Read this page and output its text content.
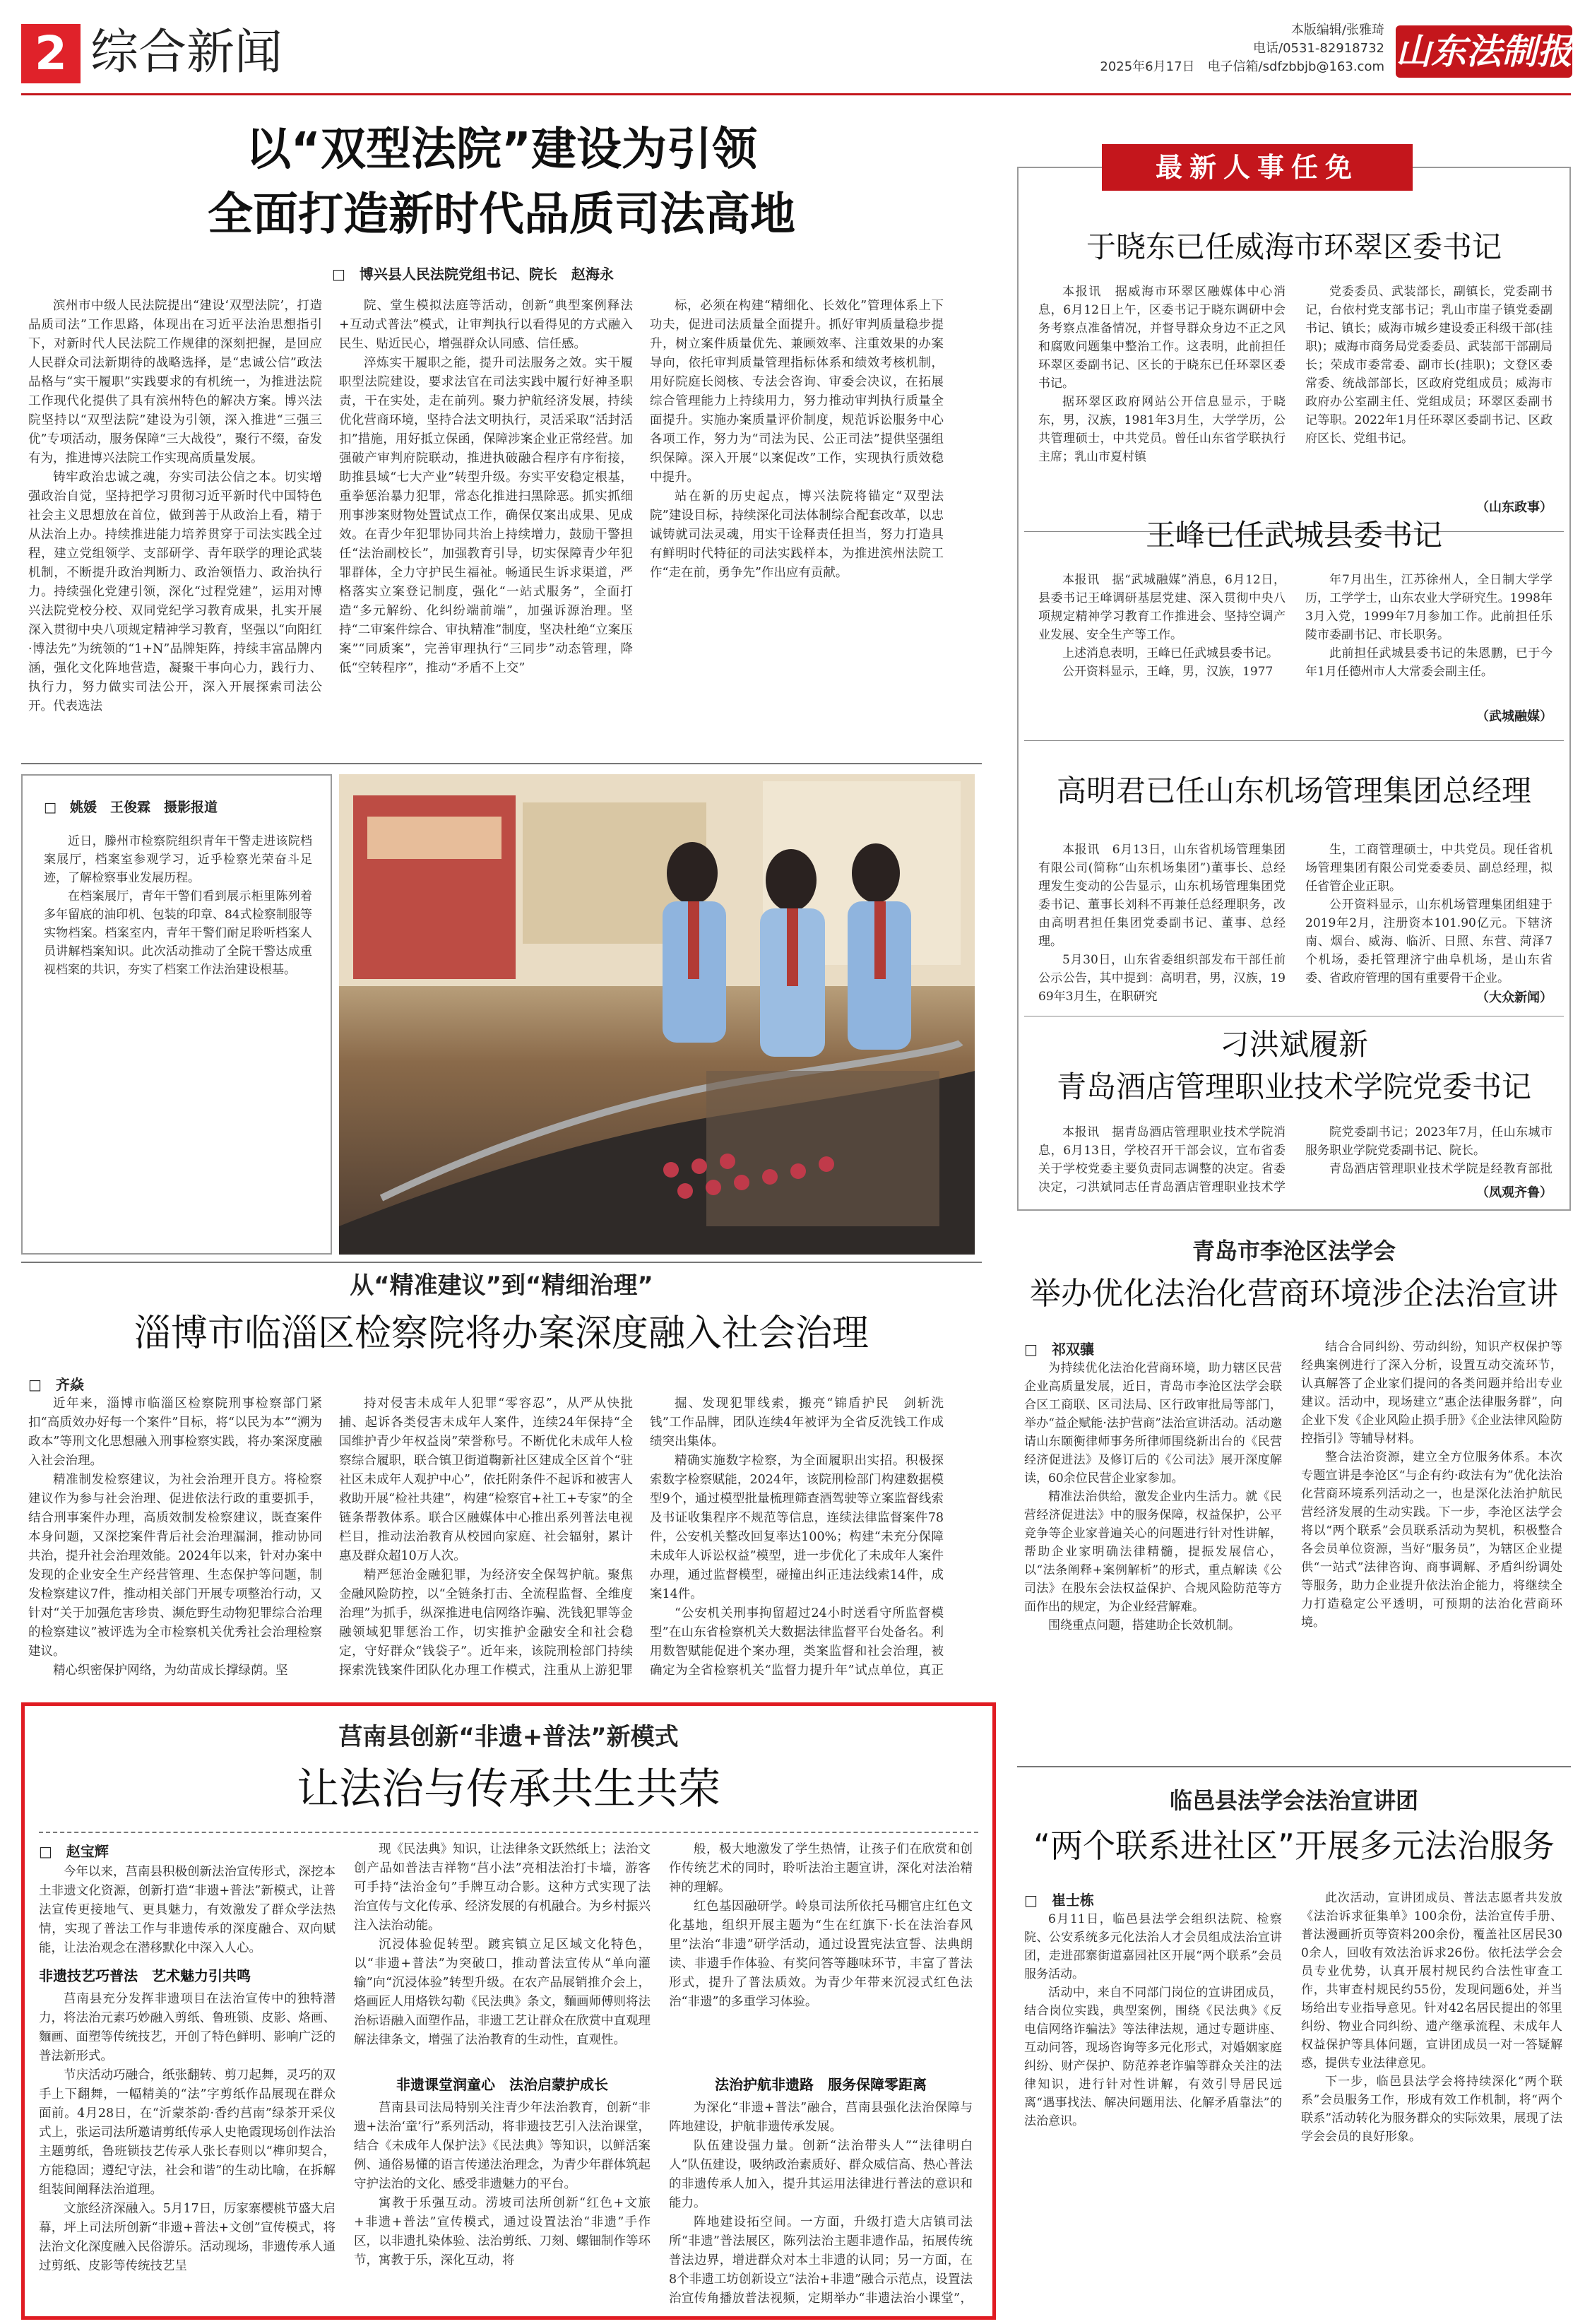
2 综合新闻	本版编辑/张雅琦
电话/0531-82918732
2025年6月17日　电子信箱/sdfzbbjb@163.com 山东法制报
以“双型法院”建设为引领
全面打造新时代品质司法高地
□　博兴县人民法院党组书记、院长　赵海永

滨州市中级人民法院提出“建设‘双型法院’，打造品质司法”工作思路，体现出在习近平法治思想指引下，对新时代人民法院工作规律的深刻把握，是回应人民群众司法新期待的战略选择，是“忠诚公信”政法品格与“实干履职”实践要求的有机统一，为推进法院工作现代化提供了具有滨州特色的解决方案。博兴法院坚持以“双型法院”建设为引领，深入推进“三强三优”专项活动，服务保障“三大战役”，聚行不缀，奋发有为，推进博兴法院工作实现高质量发展。

铸牢政治忠诚之魂，夯实司法公信之本。切实增强政治自觉，坚持把学习贯彻习近平新时代中国特色社会主义思想放在首位，做到善于从政治上看，精于从法治上办。持续推进能力培养贯穿于司法实践全过程，建立党组领学、支部研学、青年联学的理论武装机制，不断提升政治判断力、政治领悟力、政治执行力。持续强化党建引领，深化“过程党建”，运用对博兴法院党校分校、双同党纪学习教育成果，扎实开展深入贯彻中央八项规定精神学习教育，坚强以“向阳红·博法先”为统领的“1+N”品牌矩阵，持续丰富品牌内涵，强化文化阵地营造，凝聚干事向心力，践行力、执行力，努力做实司法公开，深入开展探索司法公开。代表选法

院、堂生模拟法庭等活动，创新“典型案例释法+互动式普法”模式，让审判执行以看得见的方式融入民生、贴近民心，增强群众认同感、信任感。

淬炼实干履职之能，提升司法服务之效。实干履职型法院建设，要求法官在司法实践中履行好神圣职责，干在实处，走在前列。聚力护航经济发展，持续优化营商环境，坚持合法文明执行，灵活采取“活封活扣”措施，用好抵立保函，保障涉案企业正常经营。加强破产审判府院联动，推进执破融合程序有序衔接，助推县域“七大产业”转型升级。夯实平安稳定根基，重拳惩治暴力犯罪，常态化推进扫黑除恶。抓实抓细刑事涉案财物处置试点工作，确保仅案出成果、见成效。在青少年犯罪协同共治上持续增力，鼓励干警担任“法治副校长”，加强教育引导，切实保障青少年犯罪群体，全力守护民生福祉。畅通民生诉求渠道，严格落实立案登记制度，强化“一站式服务”，全面打造“多元解纷、化纠纷端前端”，加强诉源治理。坚持“二审案件综合、审执精准”制度，坚决杜绝“立案压案”“同质案”，完善审理执行“三同步”动态管理，降低“空转程序”，推动“矛盾不上交”

标，必须在构建“精细化、长效化”管理体系上下功夫，促进司法质量全面提升。抓好审判质量稳步提升，树立案件质量优先、兼顾效率、注重效果的办案导向，依托审判质量管理指标体系和绩效考核机制，用好院庭长阅核、专法会咨询、审委会决议，在拓展综合管理能力上持续用力，努力推动审判执行质量全面提升。实施办案质量评价制度，规范诉讼服务中心各项工作，努力为“司法为民、公正司法”提供坚强组织保障。深入开展“以案促改”工作，实现执行质效稳中提升。

站在新的历史起点，博兴法院将锚定“双型法院”建设目标，持续深化司法体制综合配套改革，以忠诚铸就司法灵魂，用实干诠释责任担当，努力打造具有鲜明时代特征的司法实践样本，为推进滨州法院工作“走在前，勇争先”作出应有贡献。

□　姚媛　王俊霖　摄影报道

近日，滕州市检察院组织青年干警走进该院档案展厅，档案室参观学习，近乎检察光荣奋斗足迹，了解检察事业发展历程。

在档案展厅，青年干警们看到展示柜里陈列着多年留底的油印机、包装的印章、84式检察制服等实物档案。档案室内，青年干警们耐足聆听档案人员讲解档案知识。此次活动推动了全院干警达成重视档案的共识，夯实了档案工作法治建设根基。

从“精准建议”到“精细治理”
淄博市临淄区检察院将办案深度融入社会治理
□　齐焱

近年来，淄博市临淄区检察院刑事检察部门紧扣“高质效办好每一个案件”目标，将“以民为本”“溯为政本”等刑文化思想融入刑事检察实践，将办案深度融入社会治理。

精准制发检察建议，为社会治理开良方。将检察建议作为参与社会治理、促进依法行政的重要抓手，结合刑事案件办理，高质效制发检察建议，既查案件本身问题，又深挖案件背后社会治理漏洞，推动协同共治，提升社会治理效能。2024年以来，针对办案中发现的企业安全生产经营管理、生态保护等问题，制发检察建议7件，推动相关部门开展专项整治行动，又针对“关于加强危害珍贵、濒危野生动物犯罪综合治理的检察建议”被评选为全市检察机关优秀社会治理检察建议。

精心织密保护网络，为幼苗成长撑绿荫。坚

持对侵害未成年人犯罪“零容忍”，从严从快批捕、起诉各类侵害未成年人案件，连续24年保持“全国维护青少年权益岗”荣誉称号。不断优化未成年人检察综合履职，联合镇卫街道鞠新社区建成全区首个“驻社区未成年人观护中心”，依托附条件不起诉和被害人救助开展“检社共建”，构建“检察官+社工+专家”的全链条帮教体系。联合区融媒体中心推出系列普法电视栏目，推动法治教育从校园向家庭、社会辐射，累计惠及群众超10万人次。

精严惩治金融犯罪，为经济安全保驾护航。聚焦金融风险防控，以“全链条打击、全流程监督、全维度治理”为抓手，纵深推进电信网络诈骗、洗钱犯罪等金融领域犯罪惩治工作，切实推护金融安全和社会稳定，守好群众“钱袋子”。近年来，该院刑检部门持续探索洗钱案件团队化办理工作模式，注重从上游犯罪

掘、发现犯罪线索，搬亮“锦盾护民　剑斩洗钱”工作品牌，团队连续4年被评为全省反洗钱工作成绩突出集体。

精确实施数字检察，为全面履职出实招。积极探索数字检察赋能，2024年，该院刑检部门构建数据模型9个，通过模型批量梳理筛查酒驾驶等立案监督线索及书证收集程序不规范等信息，连续法律监督案件78件，公安机关整改回复率达100%；构建“未充分保障未成年人诉讼权益”模型，进一步优化了未成年人案件办理，通过监督模型，碰撞出纠正违法线索14件，成案14件。

“公安机关刑事拘留超过24小时送看守所监督模型”在山东省检察机关大数据法律监督平台处备名。利用数智赋能促进个案办理，类案监督和社会治理，被确定为全省检察机关“监督力提升年”试点单位，真正

莒南县创新“非遗+普法”新模式
让法治与传承共生共荣
□　赵宝辉

今年以来，莒南县积极创新法治宣传形式，深挖本土非遗文化资源，创新打造“非遗+普法”新模式，让普法宣传更接地气、更具魅力，有效激发了群众学法热情，实现了普法工作与非遗传承的深度融合、双向赋能，让法治观念在潜移默化中深入人心。

非遗技艺巧普法　艺术魅力引共鸣

莒南县充分发挥非遗项目在法治宣传中的独特潜力，将法治元素巧妙融入剪纸、鲁班锁、皮影、烙画、麵画、面塑等传统技艺，开创了特色鲜明、影响广泛的普法新形式。

节庆活动巧融合，纸张翻转、剪刀起舞，灵巧的双手上下翻舞，一幅精美的“法”字剪纸作品展现在群众面前。4月28日，在“沂蒙茶韵·香约莒南”绿茶开采仪式上，张运司法所邀请剪纸传承人史艳霞现场创作法治主题剪纸，鲁班锁技艺传承人张长春则以“榫卯契合，方能稳固；遵纪守法，社会和谐”的生动比喻，在拆解组装间阐释法治道理。

文旅经济深融入。5月17日，厉家寨樱桃节盛大启幕，坪上司法所创新“非遗+普法+文创”宣传模式，将法治文化深度融入民俗游乐。活动现场，非遗传承人通过剪纸、皮影等传统技艺呈

现《民法典》知识，让法律条文跃然纸上；法治文创产品如普法吉祥物“莒小法”亮相法治打卡墙，游客可手持“法治金句”手牌互动合影。这种方式实现了法治宣传与文化传承、经济发展的有机融合。为乡村振兴注入法治动能。

沉浸体验促转型。踱宾镇立足区域文化特色，以“非遗+普法”为突破口，推动普法宣传从“单向灌输”向“沉浸体验”转型升级。在农产品展销推介会上，烙画匠人用烙铁勾勒《民法典》条文，麵画师傅则将法治标语融入面塑作品，非遗工艺让群众在欣赏中直观理解法律条文，增强了法治教育的生动性，直观性。

非遗课堂润童心　法治启蒙护成长

莒南县司法局特别关注青少年法治教育，创新“非遗+法治‘童’行”系列活动，将非遗技艺引入法治课堂，结合《未成年人保护法》《民法典》等知识，以鲜活案例、通俗易懂的语言传递法治理念，为青少年群体筑起守护法治的文化、感受非遗魅力的平台。

寓教于乐强互动。涝坡司法所创新“红色+文旅+非遗+普法”宣传模式，通过设置法治“非遗”手作区，以非遗扎染体验、法治剪纸、刀刻、螺钿制作等环节，寓教于乐，深化互动，将

般，极大地激发了学生热情，让孩子们在欣赏和创作传统艺术的同时，聆听法治主题宣讲，深化对法治精神的理解。

红色基因融研学。岭泉司法所依托马棚官庄红色文化基地，组织开展主题为“生在红旗下·长在法治春风里”法治“非遗”研学活动，通过设置宪法宣誓、法典朗读、非遗手作体验、有奖问答等趣味环节，丰富了普法形式，提升了普法质效。为青少年带来沉浸式红色法治“非遗”的多重学习体验。

法治护航非遗路　服务保障零距离

为深化“非遗+普法”融合，莒南县强化法治保障与阵地建设，护航非遗传承发展。

队伍建设强力量。创新“法治带头人”“法律明白人”队伍建设，吸纳政治素质好、群众威信高、热心普法的非遗传承人加入，提升其运用法律进行普法的意识和能力。

阵地建设拓空间。一方面，升级打造大店镇司法所“非遗”普法展区，陈列法治主题非遗作品，拓展传统普法边界，增进群众对本土非遗的认同；另一方面，在8个非遗工坊创新设立“法治+非遗”融合示范点，设置法治宣传角播放普法视频，定期举办“非遗法治小课堂”，

最新人事任免
于晓东已任威海市环翠区委书记

本报讯　据威海市环翠区融媒体中心消息，6月12日上午，区委书记于晓东调研中会务考察点准备情况，并督导群众身边不正之风和腐败问题集中整治工作。这表明，此前担任环翠区委副书记、区长的于晓东已任环翠区委书记。

据环翠区政府网站公开信息显示，于晓东，男，汉族，1981年3月生，大学学历，公共管理硕士，中共党员。曾任山东省学联执行主席；乳山市夏村镇

党委委员、武装部长，副镇长，党委副书记，台依村党支部书记；乳山市崖子镇党委副书记、镇长；威海市城乡建设委正科级干部(挂职)；威海市商务局党委委员、武装部干部副局长；荣成市委常委、副市长(挂职)；文登区委常委、统战部部长，区政府党组成员；威海市政府办公室副主任、党组成员；环翠区委副书记等职。2022年1月任环翠区委副书记、区政府区长、党组书记。

（山东政事）
王峰已任武城县委书记

本报讯　据“武城融媒”消息，6月12日，县委书记王峰调研基层党建、深入贯彻中央八项规定精神学习教育工作推进会、坚持空调产业发展、安全生产等工作。

上述消息表明，王峰已任武城县委书记。

公开资料显示，王峰，男，汉族，1977

年7月出生，江苏徐州人，全日制大学学历，工学学士，山东农业大学研究生。1998年3月入党，1999年7月参加工作。此前担任乐陵市委副书记、市长职务。

此前担任武城县委书记的朱恩鹏，已于今年1月任德州市人大常委会副主任。

（武城融媒）
高明君已任山东机场管理集团总经理

本报讯　6月13日，山东省机场管理集团有限公司(简称“山东机场集团”)董事长、总经理发生变动的公告显示，山东机场管理集团党委书记、董事长刘科不再兼任总经理职务，改由高明君担任集团党委副书记、董事、总经理。

5月30日，山东省委组织部发布干部任前公示公告，其中提到：高明君，男，汉族，1969年3月生，在职研究

生，工商管理硕士，中共党员。现任省机场管理集团有限公司党委委员、副总经理，拟任省管企业正职。

公开资料显示，山东机场管理集团组建于2019年2月，注册资本101.90亿元。下辖济南、烟台、威海、临沂、日照、东营、菏泽7个机场，委托管理济宁曲阜机场，是山东省委、省政府管理的国有重要骨干企业。

（大众新闻）
刁洪斌履新
青岛酒店管理职业技术学院党委书记

本报讯　据青岛酒店管理职业技术学院消息，6月13日，学校召开干部会议，宣布省委关于学校党委主要负责同志调整的决定。省委决定，刁洪斌同志任青岛酒店管理职业技术学

院党委副书记；2023年7月，任山东城市服务职业学院党委副书记、院长。

青岛酒店管理职业技术学院是经教育部批

（凤观齐鲁）
青岛市李沧区法学会
举办优化法治化营商环境涉企法治宣讲
□　祁双骧

为持续优化法治化营商环境，助力辖区民营企业高质量发展，近日，青岛市李沧区法学会联合区工商联、区司法局、区行政审批局等部门，举办“益企赋能·法护营商”法治宣讲活动。活动邀请山东颐衡律师事务所律师围绕新出台的《民营经济促进法》及修订后的《公司法》展开深度解读，60余位民营企业家参加。

精准法治供给，激发企业内生活力。就《民营经济促进法》中的服务保障，权益保护，公平竞争等企业家普遍关心的问题进行针对性讲解，帮助企业家明确法律精髓，提振发展信心，以“法条阐释+案例解析”的形式，重点解读《公司法》在股东会法权益保护、合规风险防范等方面作出的规定，为企业经营解难。

围绕重点问题，搭建助企长效机制。

结合合同纠纷、劳动纠纷，知识产权保护等经典案例进行了深入分析，设置互动交流环节，认真解答了企业家们提问的各类问题并给出专业建议。活动中，现场建立“惠企法律服务群”，向企业下发《企业风险止损手册》《企业法律风险防控指引》等辅导材料。

整合法治资源，建立全方位服务体系。本次专题宣讲是李沧区“与企有约·政法有为”优化法治化营商环境系列活动之一，也是深化法治护航民营经济发展的生动实践。下一步，李沧区法学会将以“两个联系”会员联系活动为契机，积极整合各会员单位资源，当好“服务员”，为辖区企业提供“一站式”法律咨询、商事调解、矛盾纠纷调处等服务，助力企业提升依法治企能力，将继续全力打造稳定公平透明，可预期的法治化营商环境。

临邑县法学会法治宣讲团
“两个联系进社区”开展多元法治服务
□　崔士栋

6月11日，临邑县法学会组织法院、检察院、公安系统多元化法治人才会员组成法治宣讲团，走进邵寨街道嘉园社区开展“两个联系”会员服务活动。

活动中，来自不同部门岗位的宣讲团成员，结合岗位实践，典型案例，围绕《民法典》《反电信网络诈骗法》等法律法规，通过专题讲座、互动问答，现场咨询等多元化形式，对婚姻家庭纠纷、财产保护、防范养老诈骗等群众关注的法律知识，进行针对性讲解，有效引导居民远离“遇事找法、解决问题用法、化解矛盾靠法”的法治意识。

此次活动，宣讲团成员、普法志愿者共发放《法治诉求征集单》100余份，法治宣传手册、普法漫画折页等资料200余份，覆盖社区居民300余人，回收有效法治诉求26份。依托法学会会员专业优势，认真开展村规民约合法性审查工作，共审查村规民约55份，发现问题6处，并当场给出专业指导意见。针对42名居民提出的邻里纠纷、物业合同纠纷、遗产继承流程、未成年人权益保护等具体问题，宣讲团成员一对一答疑解惑，提供专业法律意见。

下一步，临邑县法学会将持续深化“两个联系”会员服务工作，形成有效工作机制，将“两个联系”活动转化为服务群众的实际效果，展现了法学会会员的良好形象。
